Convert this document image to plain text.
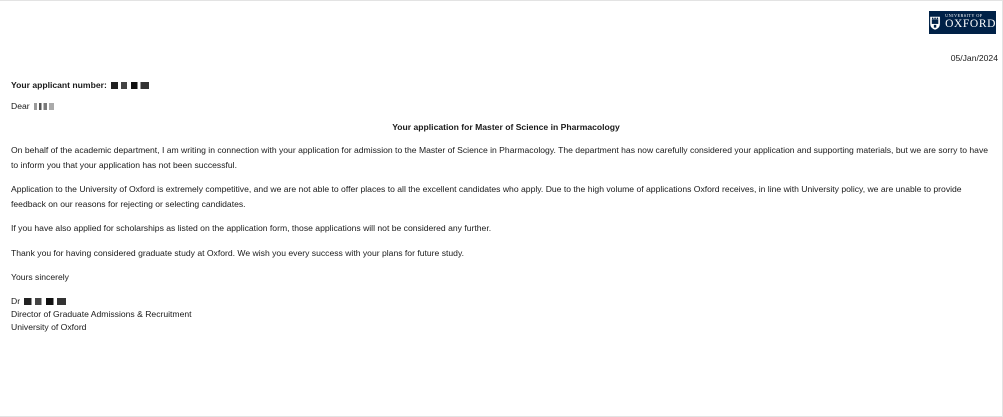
UNIVERSITY OF
OXFORD
05/Jan/2024
Your applicant number:
Dear
Your application for Master of Science in Pharmacology

On behalf of the academic department, I am writing in connection with your application for admission to the Master of Science in Pharmacology. The department has now carefully considered your application and supporting materials, but we are sorry to have to inform you that your application has not been successful.

Application to the University of Oxford is extremely competitive, and we are not able to offer places to all the excellent candidates who apply. Due to the high volume of applications Oxford receives, in line with University policy, we are unable to provide feedback on our reasons for rejecting or selecting candidates.

If you have also applied for scholarships as listed on the application form, those applications will not be considered any further.

Thank you for having considered graduate study at Oxford. We wish you every success with your plans for future study.

Yours sincerely

Dr
Director of Graduate Admissions & Recruitment
University of Oxford
